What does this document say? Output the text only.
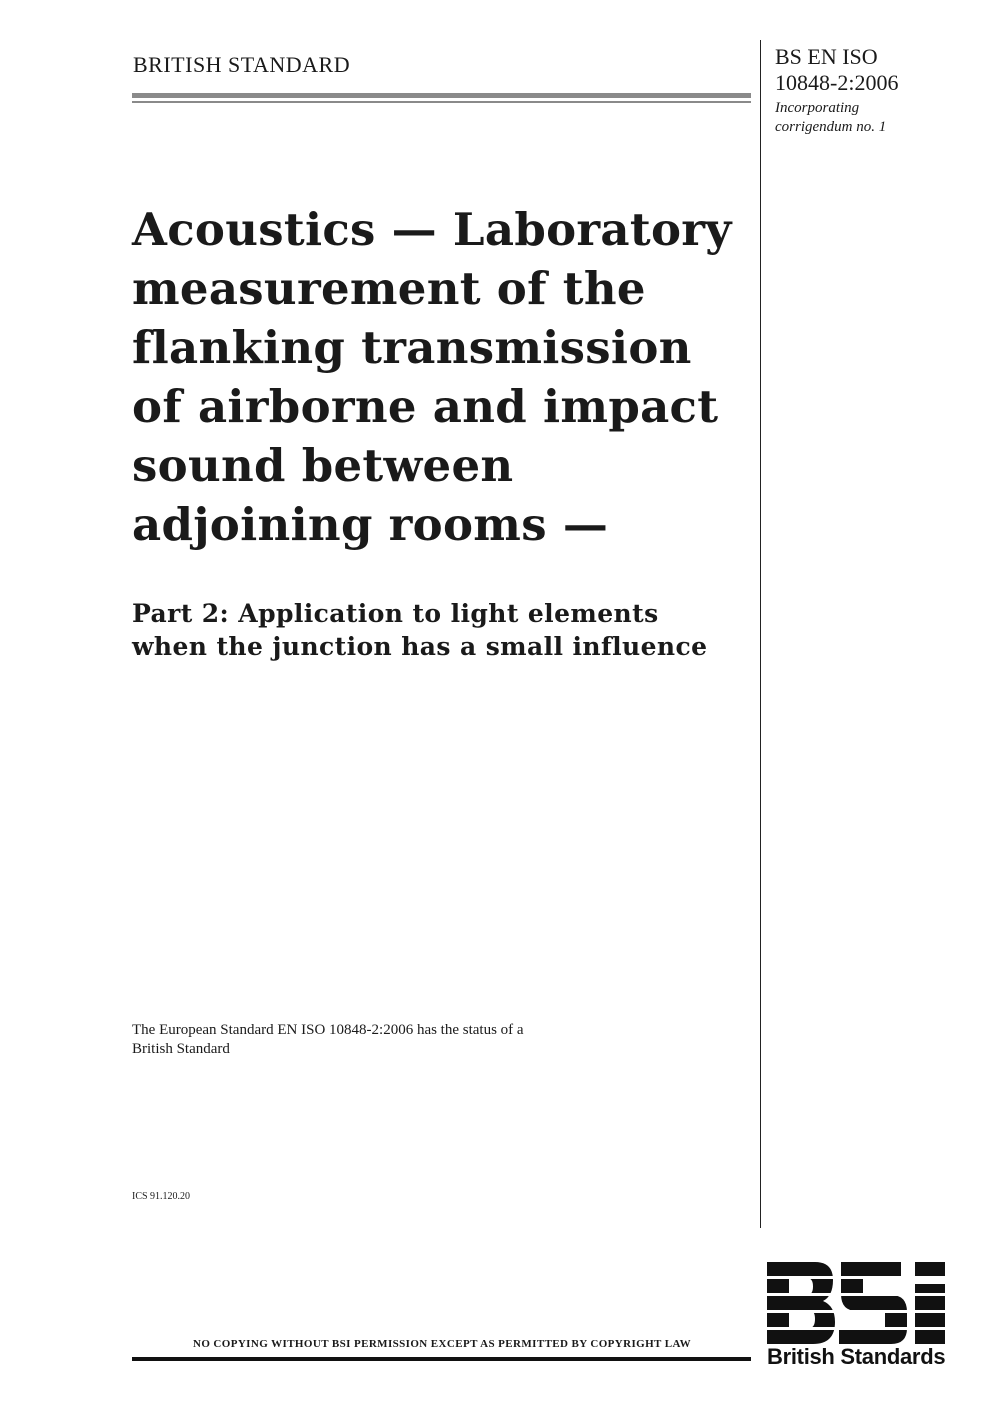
BRITISH STANDARD	BS EN ISO
10848-2:2006
Incorporating
corrigendum no. 1
Acoustics — Laboratory
measurement of the
flanking transmission
of airborne and impact
sound between
adjoining rooms —
Part 2: Application to light elements
when the junction has a small influence
The European Standard EN ISO 10848-2:2006 has the status of a
British Standard
ICS 91.120.20
NO COPYING WITHOUT BSI PERMISSION EXCEPT AS PERMITTED BY COPYRIGHT LAW	British Standards
